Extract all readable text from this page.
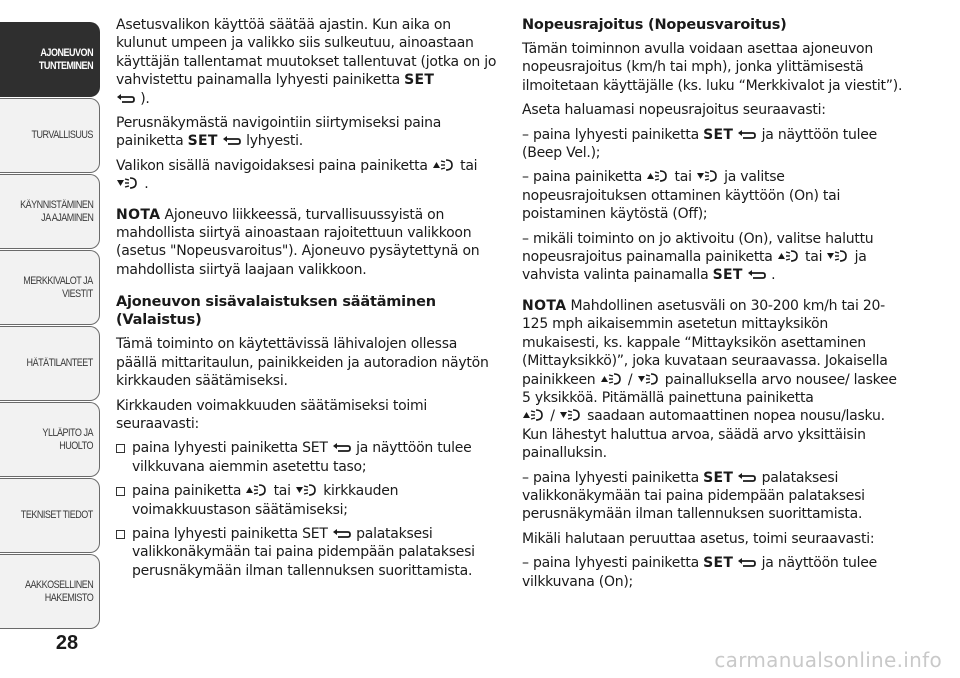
AJONEUVON
TUNTEMINEN
TURVALLISUUS
KÄYNNISTÄMINEN
JA AJAMINEN
MERKKIVALOT JA
VIESTIT
HÄTÄTILANTEET
YLLÄPITO JA HUOLTO
TEKNISET TIEDOT
AAKKOSELLINEN
HAKEMISTO
28

Asetusvalikon käyttöä säätää ajastin. Kun aika on kulunut umpeen ja valikko siis sulkeutuu, ainoastaan käyttäjän tallentamat muutokset tallentuvat (jotka on jo vahvistettu painamalla lyhyesti painiketta SET
).

Perusnäkymästä navigointiin siirtymiseksi paina painiketta SET lyhyesti.

Valikon sisällä navigoidaksesi paina painiketta tai
.

NOTA Ajoneuvo liikkeessä, turvallisuussyistä on mahdollista siirtyä ainoastaan rajoitettuun valikkoon (asetus "Nopeusvaroitus"). Ajoneuvo pysäytettynä on mahdollista siirtyä laajaan valikkoon.

Ajoneuvon sisävalaistuksen säätäminen (Valaistus)

Tämä toiminto on käytettävissä lähivalojen ollessa päällä mittaritaulun, painikkeiden ja autoradion näytön kirkkauden säätämiseksi.

Kirkkauden voimakkuuden säätämiseksi toimi seuraavasti:

paina lyhyesti painiketta SET ja näyttöön tulee vilkkuvana aiemmin asetettu taso;
paina painiketta tai kirkkauden voimakkuustason säätämiseksi;
paina lyhyesti painiketta SET palataksesi valikkonäkymään tai paina pidempään palataksesi perusnäkymään ilman tallennuksen suorittamista.
Nopeusrajoitus (Nopeusvaroitus)

Tämän toiminnon avulla voidaan asettaa ajoneuvon nopeusrajoitus (km/h tai mph), jonka ylittämisestä ilmoitetaan käyttäjälle (ks. luku “Merkkivalot ja viestit”).

Aseta haluamasi nopeusrajoitus seuraavasti:

– paina lyhyesti painiketta SET ja näyttöön tulee (Beep Vel.);

– paina painiketta tai ja valitse nopeusrajoituksen ottaminen käyttöön (On) tai poistaminen käytöstä (Off);

– mikäli toiminto on jo aktivoitu (On), valitse haluttu nopeusrajoitus painamalla painiketta tai ja vahvista valinta painamalla SET .

NOTA Mahdollinen asetusväli on 30-200 km/h tai 20-125 mph aikaisemmin asetetun mittayksikön mukaisesti, ks. kappale “Mittayksikön asettaminen (Mittayksikkö)”, joka kuvataan seuraavassa. Jokaisella painikkeen / painalluksella arvo nousee/ laskee 5 yksikköä. Pitämällä painettuna painiketta
/ saadaan automaattinen nopea nousu/lasku. Kun lähestyt haluttua arvoa, säädä arvo yksittäisin painalluksin.

– paina lyhyesti painiketta SET palataksesi valikkonäkymään tai paina pidempään palataksesi perusnäkymään ilman tallennuksen suorittamista.

Mikäli halutaan peruuttaa asetus, toimi seuraavasti:

– paina lyhyesti painiketta SET ja näyttöön tulee vilkkuvana (On);

carmanualsonline.info
